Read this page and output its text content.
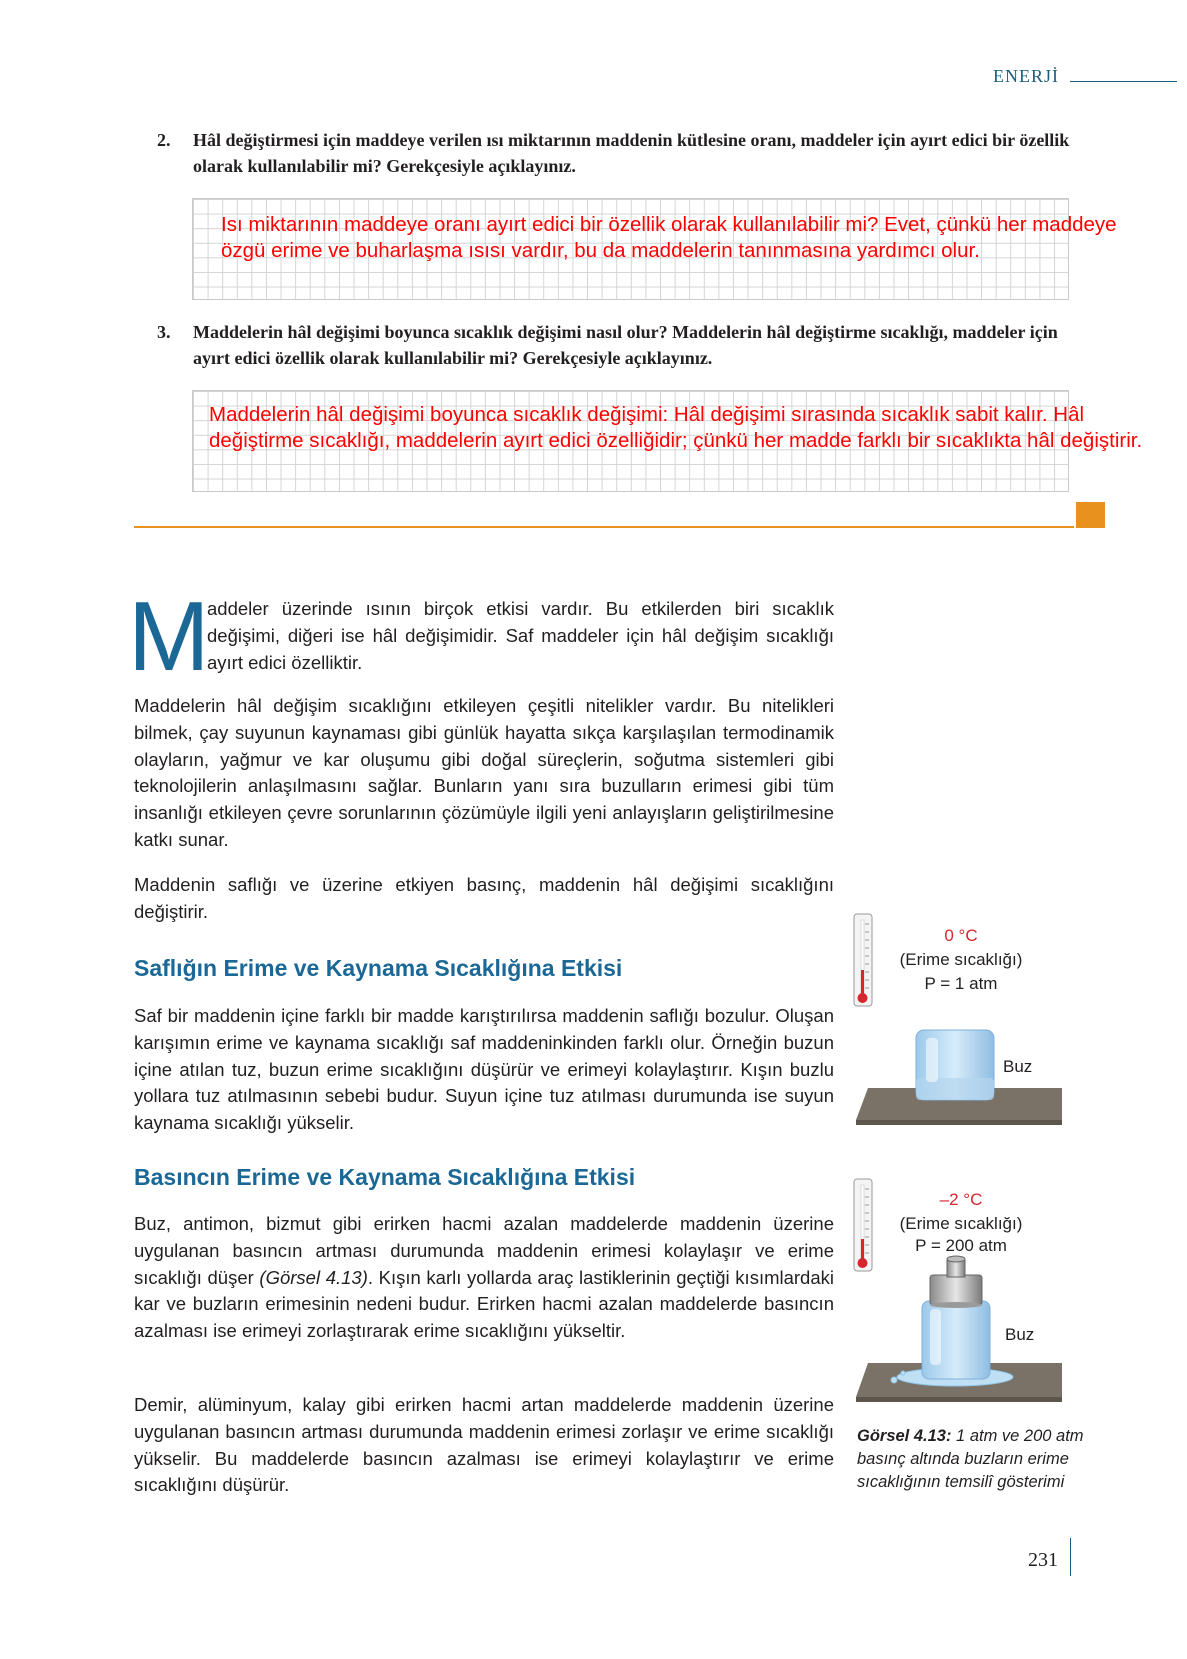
ENERJİ
2. Hâl değiştirmesi için maddeye verilen ısı miktarının maddenin kütlesine oranı, maddeler için ayırt edici bir özellik olarak kullanılabilir mi? Gerekçesiyle açıklayınız.
Isı miktarının maddeye oranı ayırt edici bir özellik olarak kullanılabilir mi? Evet, çünkü her maddeye özgü erime ve buharlaşma ısısı vardır, bu da maddelerin tanınmasına yardımcı olur.
3. Maddelerin hâl değişimi boyunca sıcaklık değişimi nasıl olur? Maddelerin hâl değiştirme sıcaklığı, maddeler için ayırt edici özellik olarak kullanılabilir mi? Gerekçesiyle açıklayınız.
Maddelerin hâl değişimi boyunca sıcaklık değişimi: Hâl değişimi sırasında sıcaklık sabit kalır. Hâl değiştirme sıcaklığı, maddelerin ayırt edici özelliğidir; çünkü her madde farklı bir sıcaklıkta hâl değiştirir.
M
addeler üzerinde ısının birçok etkisi vardır. Bu etkilerden biri sıcaklık değişimi, diğeri ise hâl değişimidir. Saf maddeler için hâl değişim sıcaklığı ayırt edici özelliktir.
Maddelerin hâl değişim sıcaklığını etkileyen çeşitli nitelikler vardır. Bu nitelikleri bilmek, çay suyunun kaynaması gibi günlük hayatta sıkça karşılaşılan termodinamik olayların, yağmur ve kar oluşumu gibi doğal süreçlerin, soğutma sistemleri gibi teknolojilerin anlaşılmasını sağlar. Bunların yanı sıra buzulların erimesi gibi tüm insanlığı etkileyen çevre sorunlarının çözümüyle ilgili yeni anlayışların geliştirilmesine katkı sunar.
Maddenin saflığı ve üzerine etkiyen basınç, maddenin hâl değişimi sıcaklığını değiştirir.
Saflığın Erime ve Kaynama Sıcaklığına Etkisi
Saf bir maddenin içine farklı bir madde karıştırılırsa maddenin saflığı bozulur. Oluşan karışımın erime ve kaynama sıcaklığı saf maddeninkinden farklı olur. Örneğin buzun içine atılan tuz, buzun erime sıcaklığını düşürür ve erimeyi kolaylaştırır. Kışın buzlu yollara tuz atılmasının sebebi budur. Suyun içine tuz atılması durumunda ise suyun kaynama sıcaklığı yükselir.
Basıncın Erime ve Kaynama Sıcaklığına Etkisi
Buz, antimon, bizmut gibi erirken hacmi azalan maddelerde maddenin üzerine uygulanan basıncın artması durumunda maddenin erimesi kolaylaşır ve erime sıcaklığı düşer (Görsel 4.13). Kışın karlı yollarda araç lastiklerinin geçtiği kısımlardaki kar ve buzların erimesinin nedeni budur. Erirken hacmi azalan maddelerde basıncın azalması ise erimeyi zorlaştırarak erime sıcaklığını yükseltir.
Demir, alüminyum, kalay gibi erirken hacmi artan maddelerde maddenin üzerine uygulanan basıncın artması durumunda maddenin erimesi zorlaşır ve erime sıcaklığı yükselir. Bu maddelerde basıncın azalması ise erimeyi kolaylaştırır ve erime sıcaklığını düşürür.
0 °C
(Erime sıcaklığı)
P = 1 atm
Buz
–2 °C
(Erime sıcaklığı)
P = 200 atm
Buz
Görsel 4.13: 1 atm ve 200 atm basınç altında buzların erime sıcaklığının temsilî gösterimi
231
